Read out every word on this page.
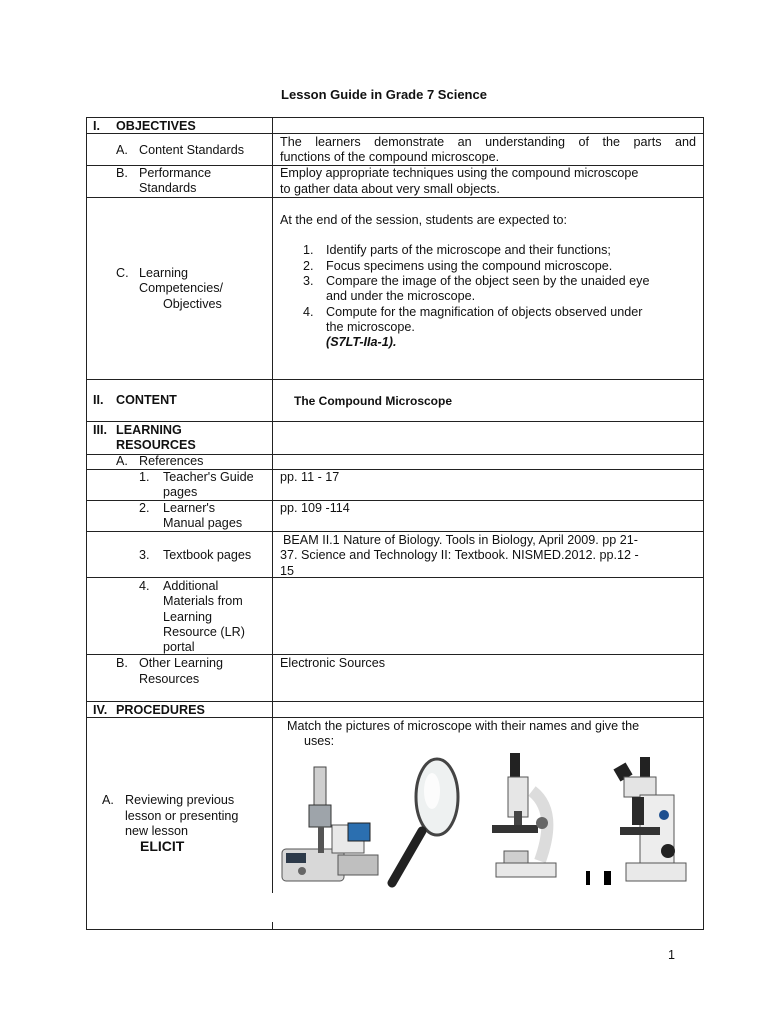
Lesson Guide in Grade 7 Science
I. OBJECTIVES
A. Content Standards
The learners demonstrate an understanding of the parts and
functions of the compound microscope.
B. Performance
Standards
Employ appropriate techniques using the compound microscope
to gather data about very small objects.
C. Learning
Competencies/
Objectives
At the end of the session, students are expected to:
1. Identify parts of the microscope and their functions;
2. Focus specimens using the compound microscope.
3. Compare the image of the object seen by the unaided eye
and under the microscope.
4. Compute for the magnification of objects observed under
the microscope.
(S7LT-IIa-1).
II. CONTENT	The Compound Microscope
III. LEARNING
RESOURCES
A. References
1. Teacher's Guide
pages
pp. 11 - 17
2. Learner's
Manual pages
pp. 109 -114
3. Textbook pages
BEAM II.1 Nature of Biology. Tools in Biology, April 2009. pp 21-
37. Science and Technology II: Textbook. NISMED.2012. pp.12 -
15
4. Additional
Materials from
Learning
Resource (LR)
portal
B. Other Learning
Resources
Electronic Sources
IV. PROCEDURES
A. Reviewing previous
lesson or presenting
new lesson
ELICIT
Match the pictures of microscope with their names and give the
uses:
1
